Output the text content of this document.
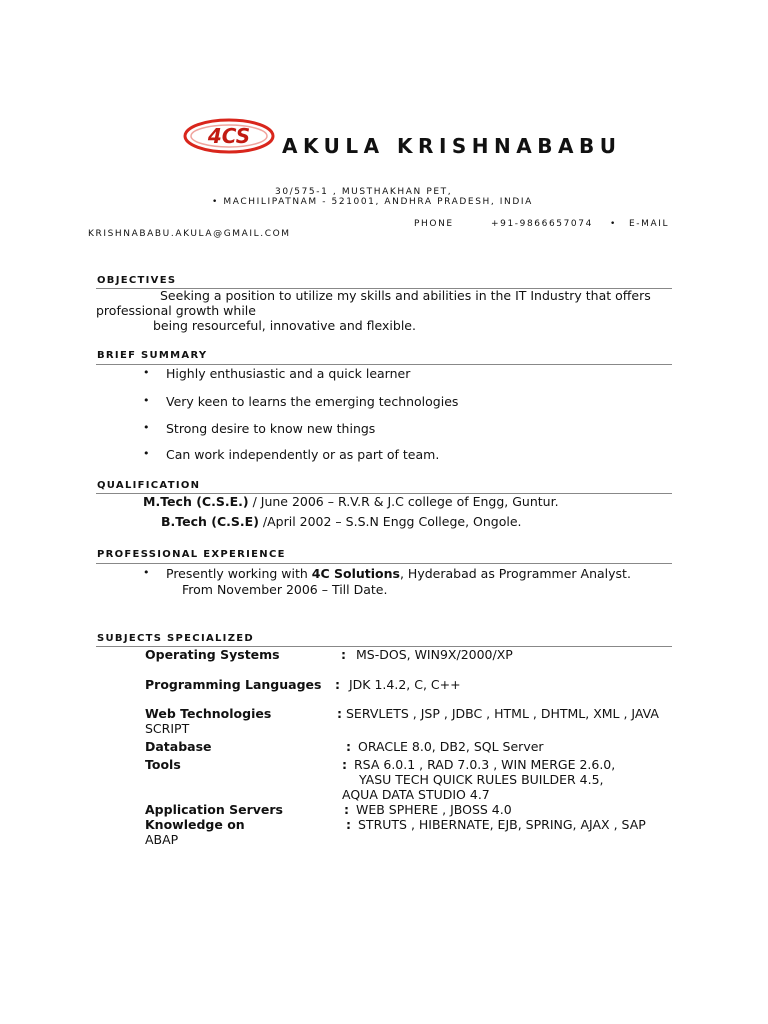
4CS AKULA KRISHNABABU
30/575-1 , MUSTHAKHAN PET,
• MACHILIPATNAM - 521001, ANDHRA PRADESH, INDIA
PHONE	+91-9866657074 • E-MAIL
KRISHNABABU.AKULA@GMAIL.COM
OBJECTIVES
Seeking a position to utilize my skills and abilities in the IT Industry that offers
professional growth while
being resourceful, innovative and flexible.
BRIEF SUMMARY
• Highly enthusiastic and a quick learner
• Very keen to learns the emerging technologies
• Strong desire to know new things
• Can work independently or as part of team.
QUALIFICATION
M.Tech (C.S.E.) / June 2006 – R.V.R & J.C college of Engg, Guntur.
B.Tech (C.S.E) /April 2002 – S.S.N Engg College, Ongole.
PROFESSIONAL EXPERIENCE
• Presently working with 4C Solutions, Hyderabad as Programmer Analyst.
From November 2006 – Till Date.
SUBJECTS SPECIALIZED
Operating Systems	: MS-DOS, WIN9X/2000/XP
Programming Languages : JDK 1.4.2, C, C++
Web Technologies	: SERVLETS , JSP , JDBC , HTML , DHTML, XML , JAVA
SCRIPT
Database	: ORACLE 8.0, DB2, SQL Server
Tools	: RSA 6.0.1 , RAD 7.0.3 , WIN MERGE 2.6.0,
YASU TECH QUICK RULES BUILDER 4.5,
AQUA DATA STUDIO 4.7
Application Servers	: WEB SPHERE , JBOSS 4.0
Knowledge on	: STRUTS , HIBERNATE, EJB, SPRING, AJAX , SAP
ABAP
